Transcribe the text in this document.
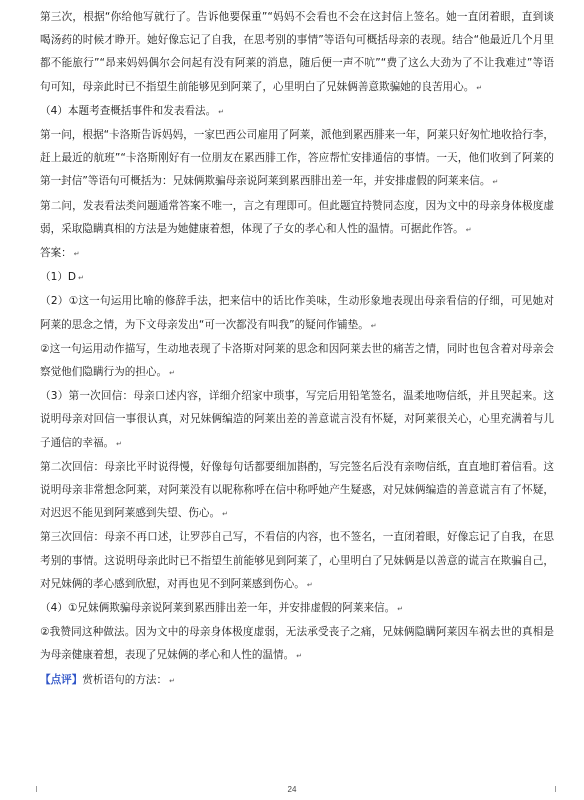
第三次，根据“你给他写就行了。告诉他要保重”“妈妈不会看也不会在这封信上签名。她一直闭着眼，直到谈喝汤药的时候才睁开。她好像忘记了自我，在思考别的事情”等语句可概括母亲的表现。结合“他最近几个月里都不能旅行”“昂来妈妈偶尔会问起有没有阿莱的消息，随后便一声不吭”“费了这么大劲为了不让我难过”等语句可知，母亲此时已不指望生前能够见到阿莱了，心里明白了兄妹俩善意欺骗她的良苦用心。 ↵

（4）本题考查概括事件和发表看法。 ↵

第一问，根据“卡洛斯告诉妈妈，一家巴西公司雇用了阿莱，派他到累西腓来一年，阿莱只好匆忙地收拾行李，赶上最近的航班”“卡洛斯刚好有一位朋友在累西腓工作，答应帮忙安排通信的事情。一天，他们收到了阿莱的第一封信”等语句可概括为：兄妹俩欺骗母亲说阿莱到累西腓出差一年，并安排虚假的阿莱来信。 ↵

第二问，发表看法类问题通常答案不唯一，言之有理即可。但此题宜持赞同态度，因为文中的母亲身体极度虚弱，采取隐瞒真相的方法是为她健康着想，体现了子女的孝心和人性的温情。可据此作答。 ↵

答案： ↵

（1）D ↵

（2）①这一句运用比喻的修辞手法，把来信中的话比作美味，生动形象地表现出母亲看信的仔细，可见她对阿莱的思念之情，为下文母亲发出“可一次都没有叫我”的疑问作铺垫。 ↵

②这一句运用动作描写，生动地表现了卡洛斯对阿莱的思念和因阿莱去世的痛苦之情，同时也包含着对母亲会察觉他们隐瞒行为的担心。 ↵

（3）第一次回信：母亲口述内容，详细介绍家中琐事，写完后用铅笔签名，温柔地吻信纸，并且哭起来。这说明母亲对回信一事很认真，对兄妹俩编造的阿莱出差的善意谎言没有怀疑，对阿莱很关心，心里充满着与儿子通信的幸福。 ↵

第二次回信：母亲比平时说得慢，好像每句话都要细加斟酌，写完签名后没有亲吻信纸，直直地盯着信看。这说明母亲非常想念阿莱，对阿莱没有以昵称称呼在信中称呼她产生疑惑，对兄妹俩编造的善意谎言有了怀疑，对迟迟不能见到阿莱感到失望、伤心。 ↵

第三次回信：母亲不再口述，让罗莎自己写，不看信的内容，也不签名，一直闭着眼，好像忘记了自我，在思考别的事情。这说明母亲此时已不指望生前能够见到阿莱了，心里明白了兄妹俩是以善意的谎言在欺骗自己，对兄妹俩的孝心感到欣慰，对再也见不到阿莱感到伤心。 ↵

（4）①兄妹俩欺骗母亲说阿莱到累西腓出差一年，并安排虚假的阿莱来信。 ↵

②我赞同这种做法。因为文中的母亲身体极度虚弱，无法承受丧子之痛，兄妹俩隐瞒阿莱因车祸去世的真相是为母亲健康着想，表现了兄妹俩的孝心和人性的温情。 ↵

【点评】赏析语句的方法： ↵

24
